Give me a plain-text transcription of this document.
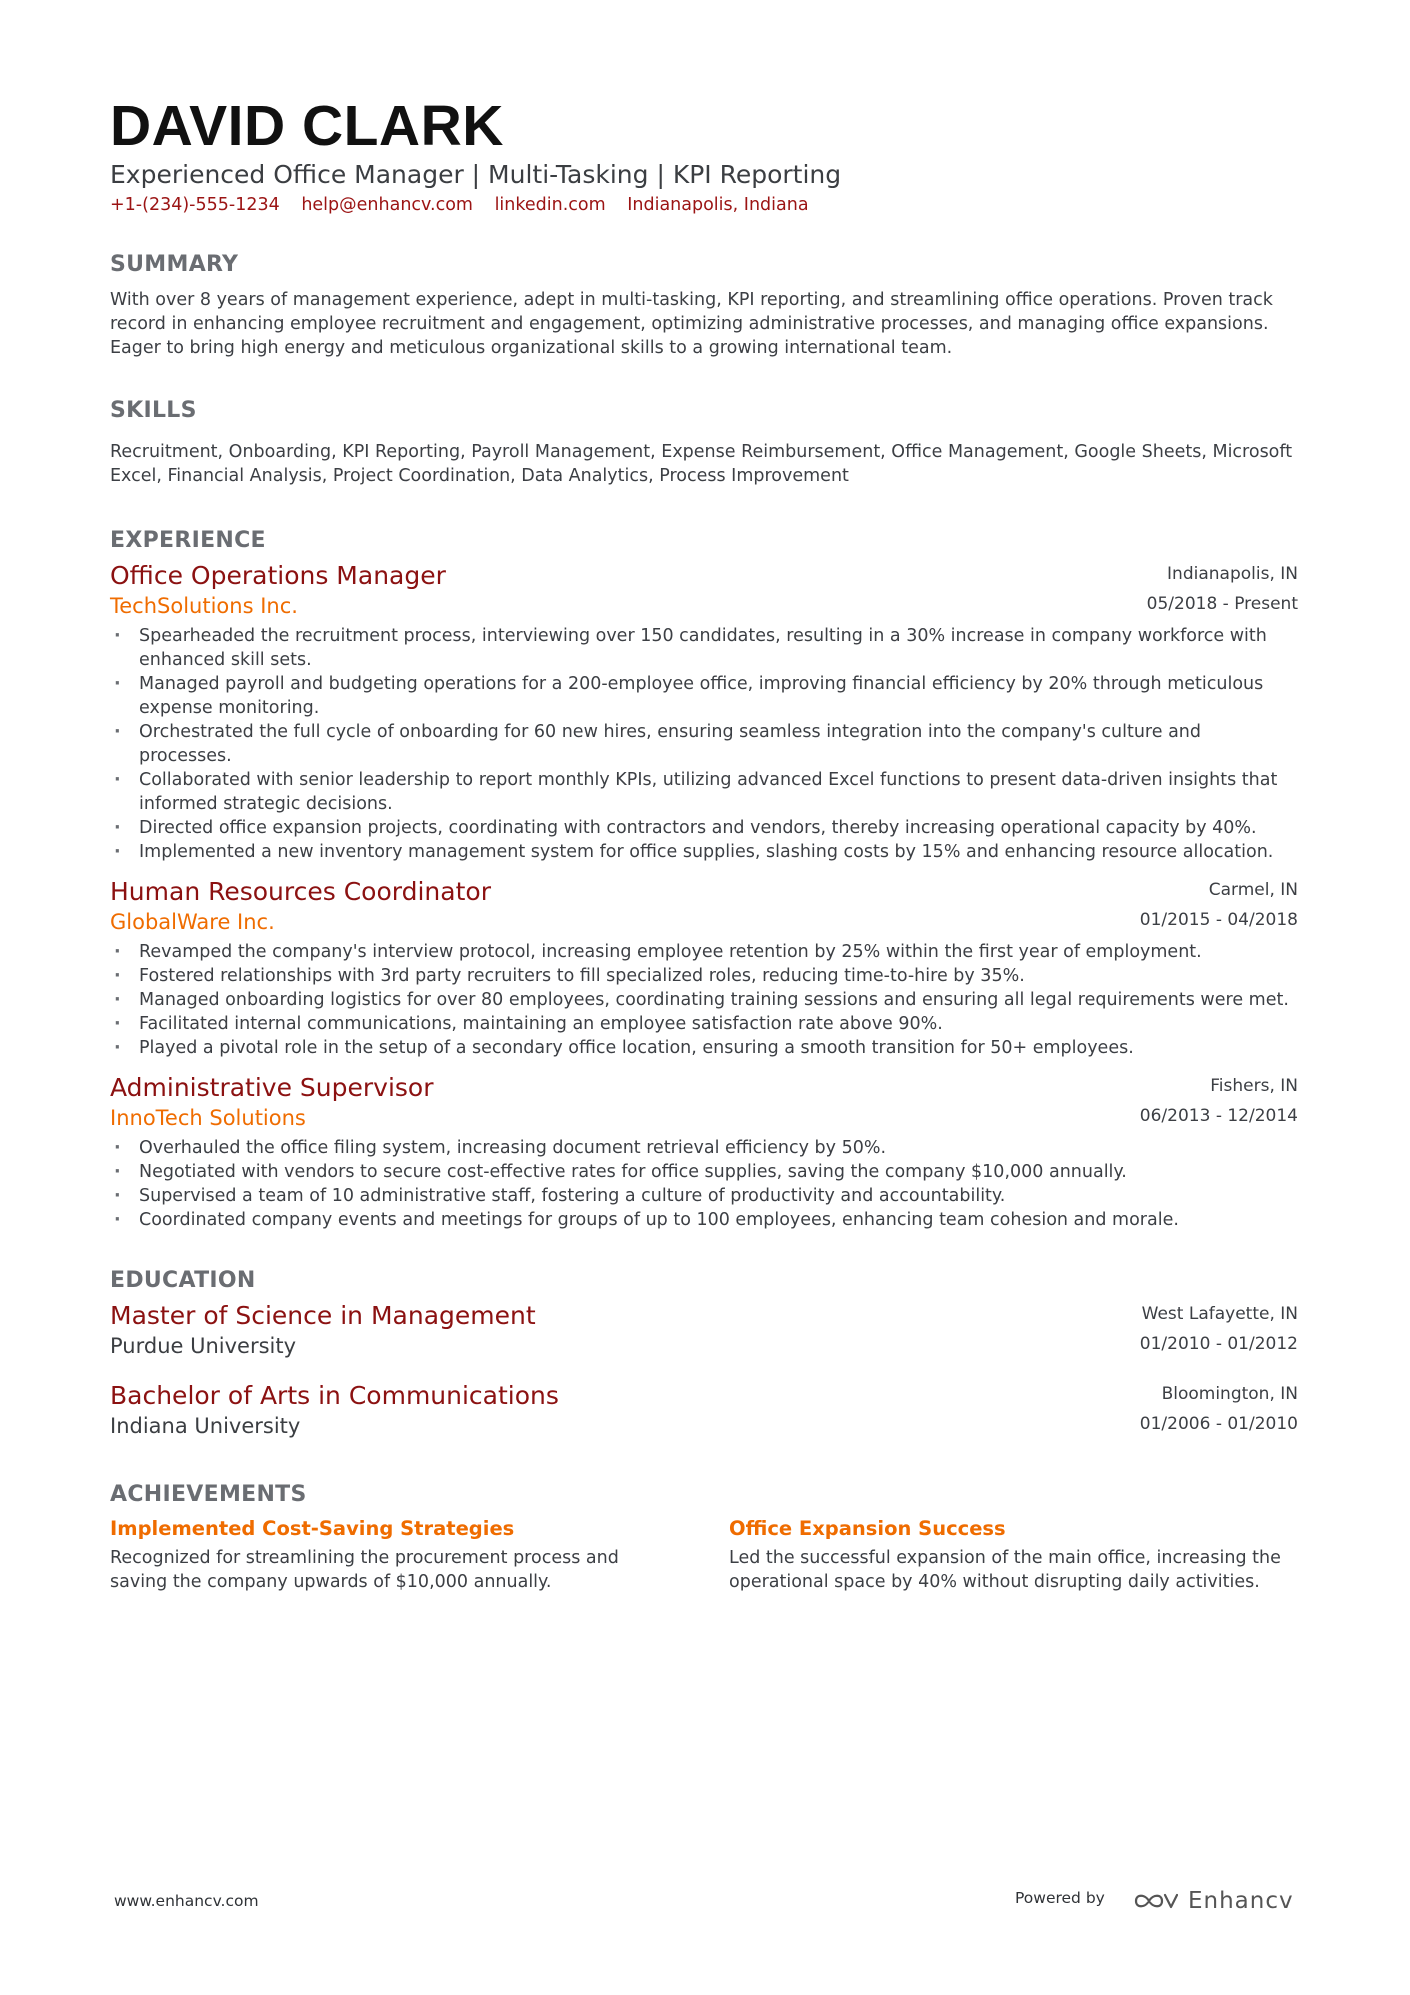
DAVID CLARK
Experienced Office Manager | Multi-Tasking | KPI Reporting
+1-(234)-555-1234 help@enhancv.com linkedin.com Indianapolis, Indiana
SUMMARY
With over 8 years of management experience, adept in multi-tasking, KPI reporting, and streamlining office operations. Proven track record in enhancing employee recruitment and engagement, optimizing administrative processes, and managing office expansions. Eager to bring high energy and meticulous organizational skills to a growing international team.
SKILLS
Recruitment, Onboarding, KPI Reporting, Payroll Management, Expense Reimbursement, Office Management, Google Sheets, Microsoft Excel, Financial Analysis, Project Coordination, Data Analytics, Process Improvement
EXPERIENCE
Office Operations Manager
TechSolutions Inc.
Indianapolis, IN
05/2018 - Present
· Spearheaded the recruitment process, interviewing over 150 candidates, resulting in a 30% increase in company workforce with enhanced skill sets.
· Managed payroll and budgeting operations for a 200-employee office, improving financial efficiency by 20% through meticulous expense monitoring.
· Orchestrated the full cycle of onboarding for 60 new hires, ensuring seamless integration into the company's culture and processes.
· Collaborated with senior leadership to report monthly KPIs, utilizing advanced Excel functions to present data-driven insights that informed strategic decisions.
· Directed office expansion projects, coordinating with contractors and vendors, thereby increasing operational capacity by 40%.
· Implemented a new inventory management system for office supplies, slashing costs by 15% and enhancing resource allocation.
Human Resources Coordinator
GlobalWare Inc.
Carmel, IN
01/2015 - 04/2018
· Revamped the company's interview protocol, increasing employee retention by 25% within the first year of employment.
· Fostered relationships with 3rd party recruiters to fill specialized roles, reducing time-to-hire by 35%.
· Managed onboarding logistics for over 80 employees, coordinating training sessions and ensuring all legal requirements were met.
· Facilitated internal communications, maintaining an employee satisfaction rate above 90%.
· Played a pivotal role in the setup of a secondary office location, ensuring a smooth transition for 50+ employees.
Administrative Supervisor
InnoTech Solutions
Fishers, IN
06/2013 - 12/2014
· Overhauled the office filing system, increasing document retrieval efficiency by 50%.
· Negotiated with vendors to secure cost-effective rates for office supplies, saving the company $10,000 annually.
· Supervised a team of 10 administrative staff, fostering a culture of productivity and accountability.
· Coordinated company events and meetings for groups of up to 100 employees, enhancing team cohesion and morale.
EDUCATION
Master of Science in Management
Purdue University
West Lafayette, IN
01/2010 - 01/2012
Bachelor of Arts in Communications
Indiana University
Bloomington, IN
01/2006 - 01/2010
ACHIEVEMENTS
Implemented Cost-Saving Strategies
Recognized for streamlining the procurement process and saving the company upwards of $10,000 annually.
Office Expansion Success
Led the successful expansion of the main office, increasing the operational space by 40% without disrupting daily activities.
www.enhancv.com	Powered by	Enhancv
